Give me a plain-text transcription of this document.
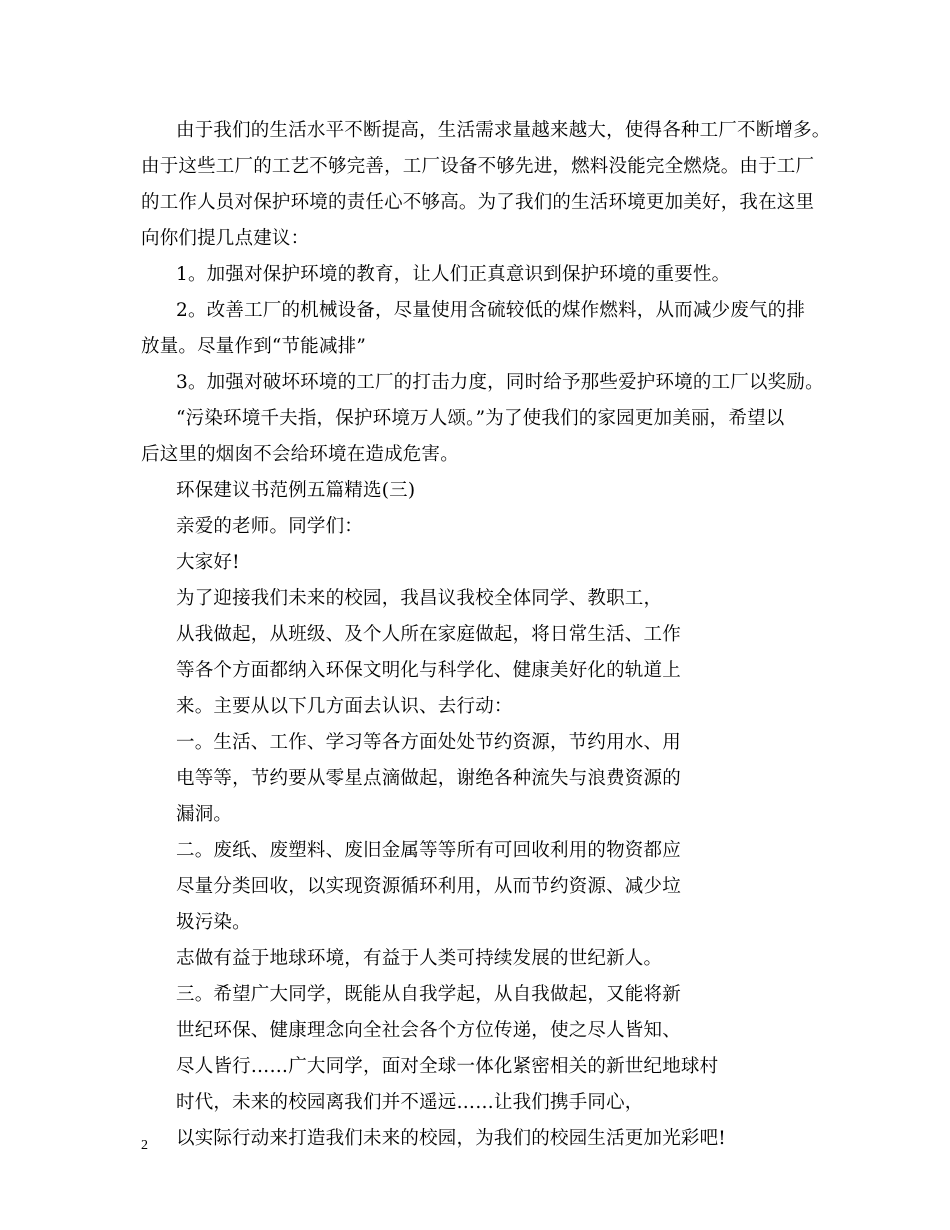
由于我们的生活水平不断提高，生活需求量越来越大，使得各种工厂不断增多。
由于这些工厂的工艺不够完善，工厂设备不够先进，燃料没能完全燃烧。由于工厂
的工作人员对保护环境的责任心不够高。为了我们的生活环境更加美好，我在这里
向你们提几点建议：
1。加强对保护环境的教育，让人们正真意识到保护环境的重要性。
2。改善工厂的机械设备，尽量使用含硫较低的煤作燃料，从而减少废气的排
放量。尽量作到“节能减排”
3。加强对破坏环境的工厂的打击力度，同时给予那些爱护环境的工厂以奖励。
“污染环境千夫指，保护环境万人颂。”为了使我们的家园更加美丽，希望以
后这里的烟囱不会给环境在造成危害。
环保建议书范例五篇精选(三)
亲爱的老师。同学们：
大家好!
为了迎接我们未来的校园，我昌议我校全体同学、教职工，
从我做起，从班级、及个人所在家庭做起，将日常生活、工作
等各个方面都纳入环保文明化与科学化、健康美好化的轨道上
来。主要从以下几方面去认识、去行动：
一。生活、工作、学习等各方面处处节约资源，节约用水、用
电等等，节约要从零星点滴做起，谢绝各种流失与浪费资源的
漏洞。
二。废纸、废塑料、废旧金属等等所有可回收利用的物资都应
尽量分类回收，以实现资源循环利用，从而节约资源、减少垃
圾污染。
志做有益于地球环境，有益于人类可持续发展的世纪新人。
三。希望广大同学，既能从自我学起，从自我做起，又能将新
世纪环保、健康理念向全社会各个方位传递，使之尽人皆知、
尽人皆行……广大同学，面对全球一体化紧密相关的新世纪地球村
时代，未来的校园离我们并不遥远……让我们携手同心，
以实际行动来打造我们未来的校园，为我们的校园生活更加光彩吧!
2
